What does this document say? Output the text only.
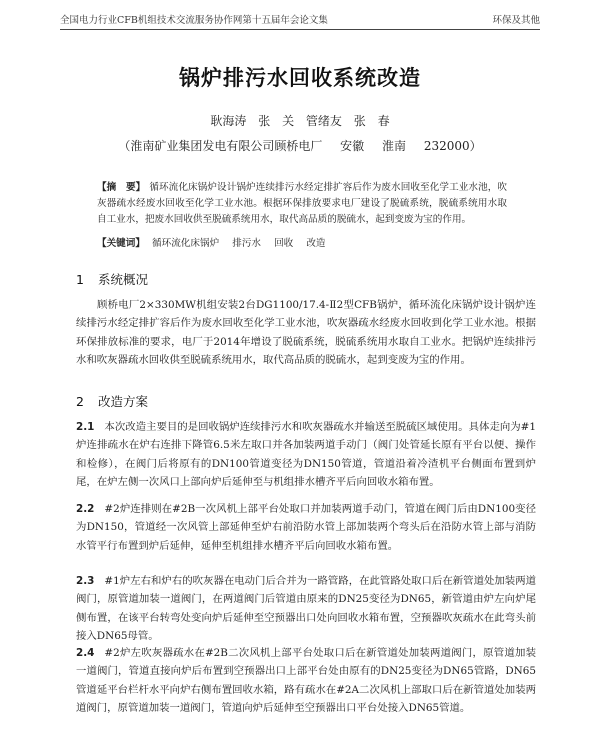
全国电力行业CFB机组技术交流服务协作网第十五届年会论文集	环保及其他
锅炉排污水回收系统改造
耿海涛 张 关 管绪友 张 春
（淮南矿业集团发电有限公司顾桥电厂 安徽 淮南 232000）
【摘　要】 循环流化床锅炉设计锅炉连续排污水经定排扩容后作为废水回收至化学工业水池，吹灰器疏水经废水回收至化学工业水池。根据环保排放要求电厂建设了脱硫系统，脱硫系统用水取自工业水，把废水回收供至脱硫系统用水，取代高品质的脱硫水，起到变废为宝的作用。
【关键词】 循环流化床锅炉 排污水 回收 改造
1 系统概况
顾桥电厂2×330MW机组安装2台DG1100/17.4-Ⅱ2型CFB锅炉，循环流化床锅炉设计锅炉连续排污水经定排扩容后作为废水回收至化学工业水池，吹灰器疏水经废水回收到化学工业水池。根据环保排放标准的要求，电厂于2014年增设了脱硫系统，脱硫系统用水取自工业水。把锅炉连续排污水和吹灰器疏水回收供至脱硫系统用水，取代高品质的脱硫水，起到变废为宝的作用。
2 改造方案
2.1 本次改造主要目的是回收锅炉连续排污水和吹灰器疏水并输送至脱硫区域使用。具体走向为#1炉连排疏水在炉右连排下降管6.5米左取口并各加装两道手动门（阀门处管延长原有平台以便、操作和检修），在阀门后将原有的DN100管道变径为DN150管道，管道沿着冷渣机平台侧面布置到炉尾，在炉左侧一次风口上部向炉后延伸至与机组排水槽齐平后向回收水箱布置。
2.2 #2炉连排则在#2B一次风机上部平台处取口并加装两道手动门，管道在阀门后由DN100变径为DN150，管道经一次风管上部延伸至炉右前沿防水管上部加装两个弯头后在沿防水管上部与消防水管平行布置到炉后延伸，延伸至机组排水槽齐平后向回收水箱布置。
2.3 #1炉左右和炉右的吹灰器在电动门后合并为一路管路，在此管路处取口后在新管道处加装两道阀门，原管道加装一道阀门，在两道阀门后管道由原来的DN25变径为DN65，新管道由炉左向炉尾侧布置，在该平台转弯处变向炉后延伸至空预器出口处向回收水箱布置，空预器吹灰疏水在此弯头前接入DN65母管。
2.4 #2炉左吹灰器疏水在#2B二次风机上部平台处取口后在新管道处加装两道阀门，原管道加装一道阀门，管道直接向炉后布置到空预器出口上部平台处由原有的DN25变径为DN65管路，DN65管道延平台栏杆水平向炉右侧布置回收水箱，路有疏水在#2A二次风机上部取口后在新管道处加装两道阀门，原管道加装一道阀门，管道向炉后延伸至空预器出口平台处接入DN65管道。
